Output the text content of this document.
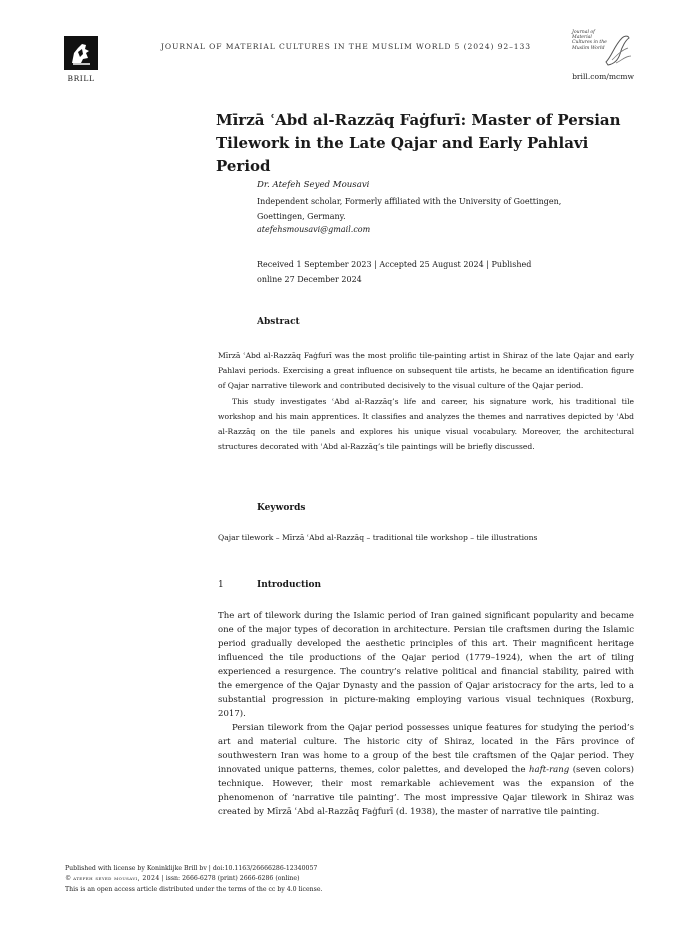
BRILL
JOURNAL OF MATERIAL CULTURES IN THE MUSLIM WORLD 5 (2024) 92–133
Journal of
Material
Cultures in the
Muslim World
brill.com/mcmw
Mīrzā ʿAbd al-Razzāq Faġfurī: Master of Persian Tilework in the Late Qajar and Early Pahlavi Period
Dr. Atefeh Seyed Mousavi
Independent scholar, Formerly affiliated with the University of Goettingen, Goettingen, Germany.
atefehsmousavi@gmail.com
Received 1 September 2023 | Accepted 25 August 2024 | Published online 27 December 2024
Abstract

Mīrzā ʿAbd al-Razzāq Faġfurī was the most prolific tile-painting artist in Shiraz of the late Qajar and early Pahlavi periods. Exercising a great influence on subsequent tile artists, he became an identification figure of Qajar narrative tilework and contributed decisively to the visual culture of the Qajar period.

This study investigates ʿAbd al-Razzāq’s life and career, his signature work, his traditional tile workshop and his main apprentices. It classifies and analyzes the themes and narratives depicted by ʿAbd al-Razzāq on the tile panels and explores his unique visual vocabulary. Moreover, the architectural structures decorated with ʿAbd al-Razzāq’s tile paintings will be briefly discussed.

Keywords
Qajar tilework – Mīrzā ʿAbd al-Razzāq – traditional tile workshop – tile illustrations
1	Introduction

The art of tilework during the Islamic period of Iran gained significant popularity and became one of the major types of decoration in architecture. Persian tile craftsmen during the Islamic period gradually developed the aesthetic principles of this art. Their magnificent heritage influenced the tile productions of the Qajar period (1779–1924), when the art of tiling experienced a resurgence. The country’s relative political and financial stability, paired with the emergence of the Qajar Dynasty and the passion of Qajar aristocracy for the arts, led to a substantial progression in picture-making employing various visual techniques (Roxburg, 2017).

Persian tilework from the Qajar period possesses unique features for studying the period’s art and material culture. The historic city of Shiraz, located in the Fārs province of southwestern Iran was home to a group of the best tile craftsmen of the Qajar period. They innovated unique patterns, themes, color palettes, and developed the haft-rang (seven colors) technique. However, their most remarkable achievement was the expansion of the phenomenon of ‘narrative tile painting’. The most impressive Qajar tilework in Shiraz was created by Mīrzā ʿAbd al-Razzāq Faġfurī (d. 1938), the master of narrative tile painting.

Published with license by Koninklijke Brill bv | doi:10.1163/26666286-12340057
© atefeh seyed mousavi, 2024 | issn: 2666-6278 (print) 2666-6286 (online)
This is an open access article distributed under the terms of the cc by 4.0 license.
